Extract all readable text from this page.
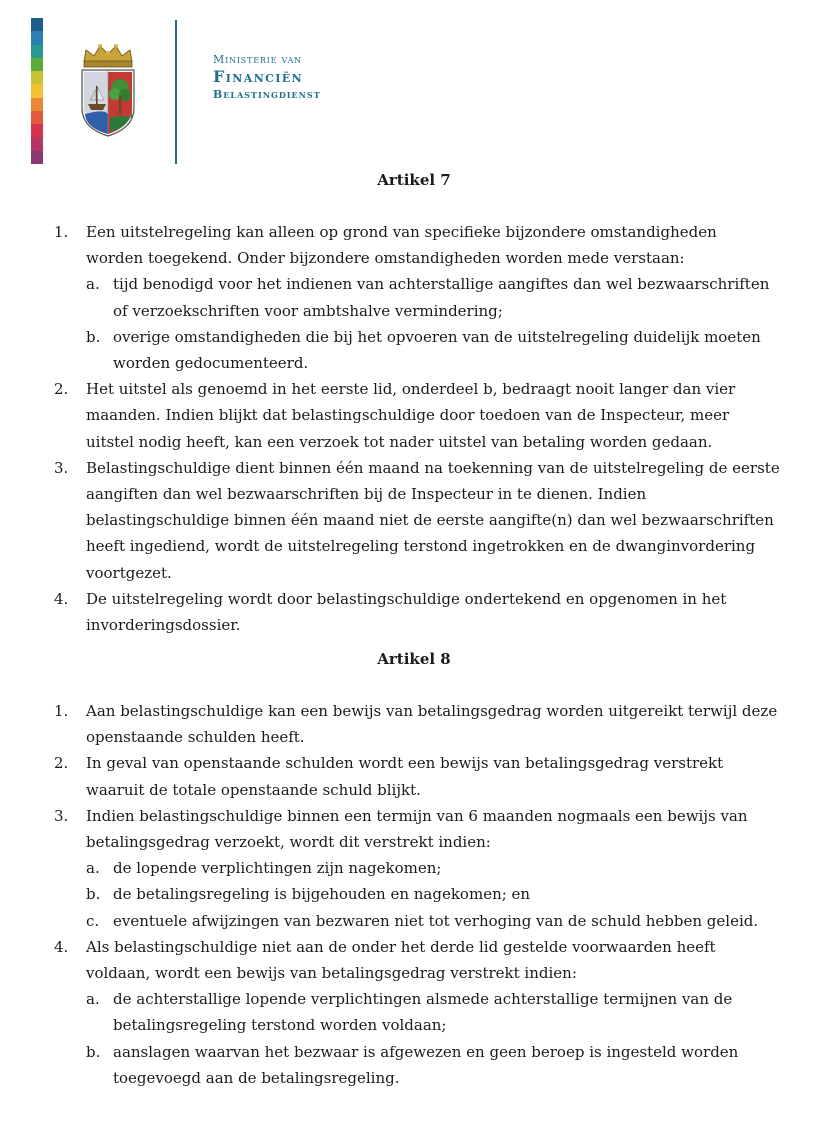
Ministerie van
Financiën
Belastingdienst
Artikel 7
1.	Een uitstelregeling kan alleen op grond van specifieke bijzondere omstandigheden
worden toegekend. Onder bijzondere omstandigheden worden mede verstaan:
a. tijd benodigd voor het indienen van achterstallige aangiftes dan wel bezwaarschriften
of verzoekschriften voor ambtshalve vermindering;
b. overige omstandigheden die bij het opvoeren van de uitstelregeling duidelijk moeten
worden gedocumenteerd.
2.	Het uitstel als genoemd in het eerste lid, onderdeel b, bedraagt nooit langer dan vier
maanden. Indien blijkt dat belastingschuldige door toedoen van de Inspecteur, meer
uitstel nodig heeft, kan een verzoek tot nader uitstel van betaling worden gedaan.
3.	Belastingschuldige dient binnen één maand na toekenning van de uitstelregeling de eerste
aangiften dan wel bezwaarschriften bij de Inspecteur in te dienen. Indien
belastingschuldige binnen één maand niet de eerste aangifte(n) dan wel bezwaarschriften
heeft ingediend, wordt de uitstelregeling terstond ingetrokken en de dwanginvordering
voortgezet.
4.	De uitstelregeling wordt door belastingschuldige ondertekend en opgenomen in het
invorderingsdossier.
Artikel 8
1.	Aan belastingschuldige kan een bewijs van betalingsgedrag worden uitgereikt terwijl deze
openstaande schulden heeft.
2.	In geval van openstaande schulden wordt een bewijs van betalingsgedrag verstrekt
waaruit de totale openstaande schuld blijkt.
3.	Indien belastingschuldige binnen een termijn van 6 maanden nogmaals een bewijs van
betalingsgedrag verzoekt, wordt dit verstrekt indien:
a. de lopende verplichtingen zijn nagekomen;
b. de betalingsregeling is bijgehouden en nagekomen; en
c. eventuele afwijzingen van bezwaren niet tot verhoging van de schuld hebben geleid.
4.	Als belastingschuldige niet aan de onder het derde lid gestelde voorwaarden heeft
voldaan, wordt een bewijs van betalingsgedrag verstrekt indien:
a. de achterstallige lopende verplichtingen alsmede achterstallige termijnen van de
betalingsregeling terstond worden voldaan;
b. aanslagen waarvan het bezwaar is afgewezen en geen beroep is ingesteld worden
toegevoegd aan de betalingsregeling.
